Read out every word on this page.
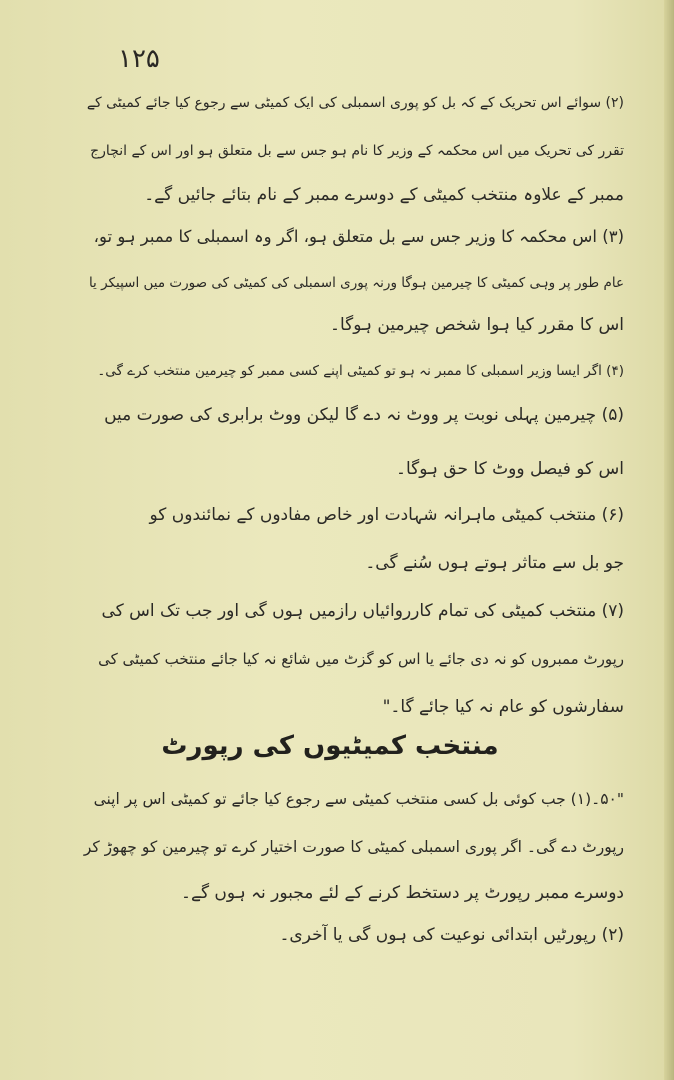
۱۲۵
(۲) سوائے اس تحریک کے کہ بل کو پوری اسمبلی کی ایک کمیٹی سے رجوع کیا جائے کمیٹی کے
تقرر کی تحریک میں اس محکمہ کے وزیر کا نام ہو جس سے بل متعلق ہو اور اس کے انچارج
ممبر کے علاوہ منتخب کمیٹی کے دوسرے ممبر کے نام بتائے جائیں گے۔
(۳) اس محکمہ کا وزیر جس سے بل متعلق ہو، اگر وہ اسمبلی کا ممبر ہو تو،
عام طور پر وہی کمیٹی کا چیرمین ہوگا ورنہ پوری اسمبلی کی کمیٹی کی صورت میں اسپیکر یا
اس کا مقرر کیا ہوا شخص چیرمین ہوگا۔
(۴) اگر ایسا وزیر اسمبلی کا ممبر نہ ہو تو کمیٹی اپنے کسی ممبر کو چیرمین منتخب کرے گی۔
(۵) چیرمین پہلی نوبت پر ووٹ نہ دے گا لیکن ووٹ برابری کی صورت میں
اس کو فیصل ووٹ کا حق ہوگا۔
(۶) منتخب کمیٹی ماہرانہ شہادت اور خاص مفادوں کے نمائندوں کو
جو بل سے متاثر ہوتے ہوں سُنے گی۔
(۷) منتخب کمیٹی کی تمام کارروائیاں رازمیں ہوں گی اور جب تک اس کی
رپورٹ ممبروں کو نہ دی جائے یا اس کو گزٹ میں شائع نہ کیا جائے منتخب کمیٹی کی
سفارشوں کو عام نہ کیا جائے گا۔"
منتخب کمیٹیوں کی رپورٹ
"۵۰۔(۱) جب کوئی بل کسی منتخب کمیٹی سے رجوع کیا جائے تو کمیٹی اس پر اپنی
رپورٹ دے گی۔ اگر پوری اسمبلی کمیٹی کا صورت اختیار کرے تو چیرمین کو چھوڑ کر
دوسرے ممبر رپورٹ پر دستخط کرنے کے لئے مجبور نہ ہوں گے۔
(۲) رپورٹیں ابتدائی نوعیت کی ہوں گی یا آخری۔
